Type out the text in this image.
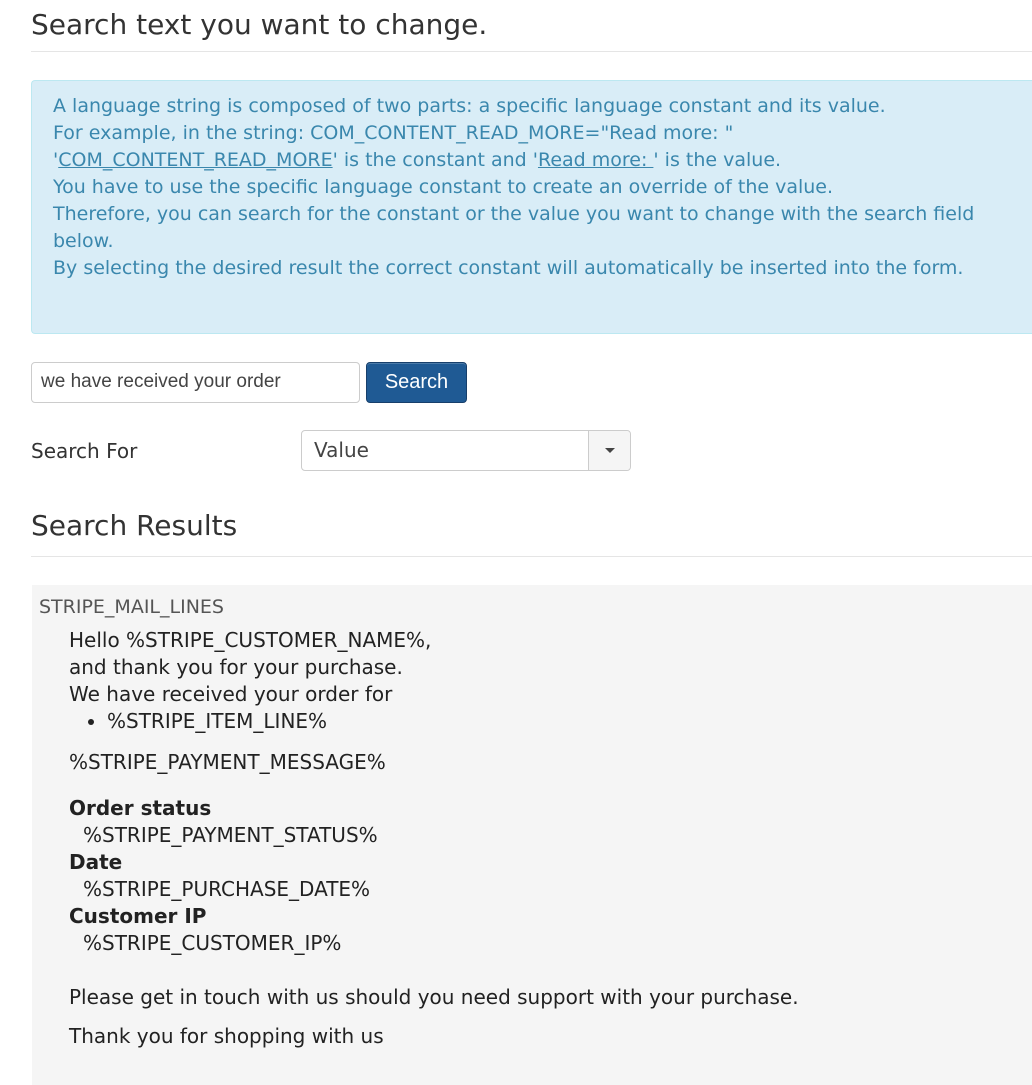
Search text you want to change.

A language string is composed of two parts: a specific language constant and its value.

For example, in the string: COM_CONTENT_READ_MORE="Read more: "

'COM_CONTENT_READ_MORE' is the constant and 'Read more: ' is the value.

You have to use the specific language constant to create an override of the value.

Therefore, you can search for the constant or the value you want to change with the search field below.

By selecting the desired result the correct constant will automatically be inserted into the form.

we have received your order
Search
Search For	Value
Search Results
STRIPE_MAIL_LINES

Hello %STRIPE_CUSTOMER_NAME%,

and thank you for your purchase.

We have received your order for

• %STRIPE_ITEM_LINE%

%STRIPE_PAYMENT_MESSAGE%

Order status

%STRIPE_PAYMENT_STATUS%

Date

%STRIPE_PURCHASE_DATE%

Customer IP

%STRIPE_CUSTOMER_IP%

Please get in touch with us should you need support with your purchase.

Thank you for shopping with us
